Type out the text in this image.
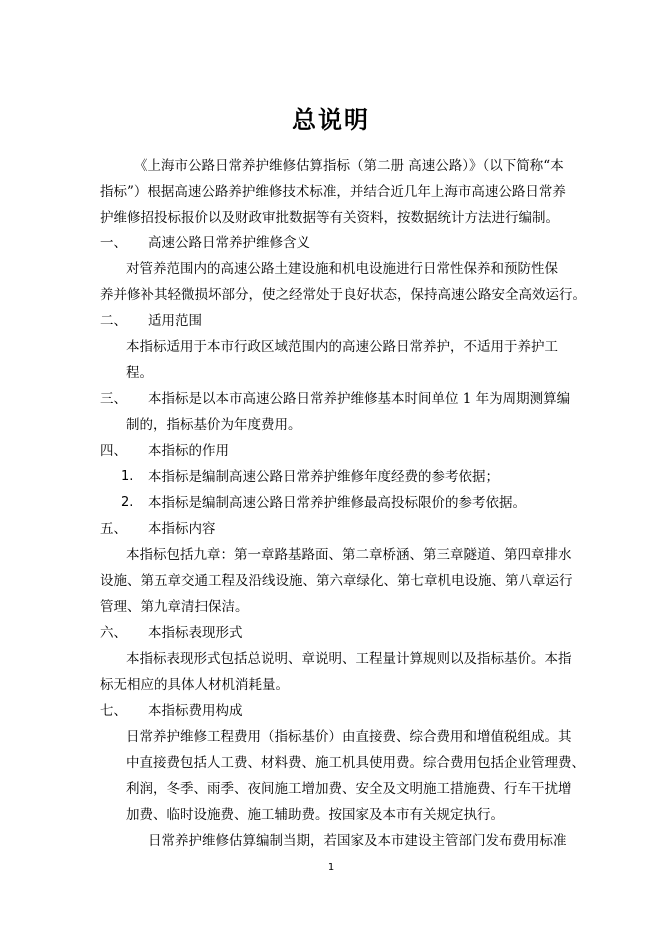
总说明
《上海市公路日常养护维修估算指标（第二册 高速公路）》（以下简称“本
指标”）根据高速公路养护维修技术标准，并结合近几年上海市高速公路日常养
护维修招投标报价以及财政审批数据等有关资料，按数据统计方法进行编制。
一、 高速公路日常养护维修含义
对管养范围内的高速公路土建设施和机电设施进行日常性保养和预防性保
养并修补其轻微损坏部分，使之经常处于良好状态，保持高速公路安全高效运行。
二、 适用范围
本指标适用于本市行政区域范围内的高速公路日常养护，不适用于养护工
程。
三、 本指标是以本市高速公路日常养护维修基本时间单位 1 年为周期测算编
制的，指标基价为年度费用。
四、 本指标的作用
1. 本指标是编制高速公路日常养护维修年度经费的参考依据；
2. 本指标是编制高速公路日常养护维修最高投标限价的参考依据。
五、 本指标内容
本指标包括九章：第一章路基路面、第二章桥涵、第三章隧道、第四章排水
设施、第五章交通工程及沿线设施、第六章绿化、第七章机电设施、第八章运行
管理、第九章清扫保洁。
六、 本指标表现形式
本指标表现形式包括总说明、章说明、工程量计算规则以及指标基价。本指
标无相应的具体人材机消耗量。
七、 本指标费用构成
日常养护维修工程费用（指标基价）由直接费、综合费用和增值税组成。其
中直接费包括人工费、材料费、施工机具使用费。综合费用包括企业管理费、
利润，冬季、雨季、夜间施工增加费、安全及文明施工措施费、行车干扰增
加费、临时设施费、施工辅助费。按国家及本市有关规定执行。
日常养护维修估算编制当期，若国家及本市建设主管部门发布费用标准
1
